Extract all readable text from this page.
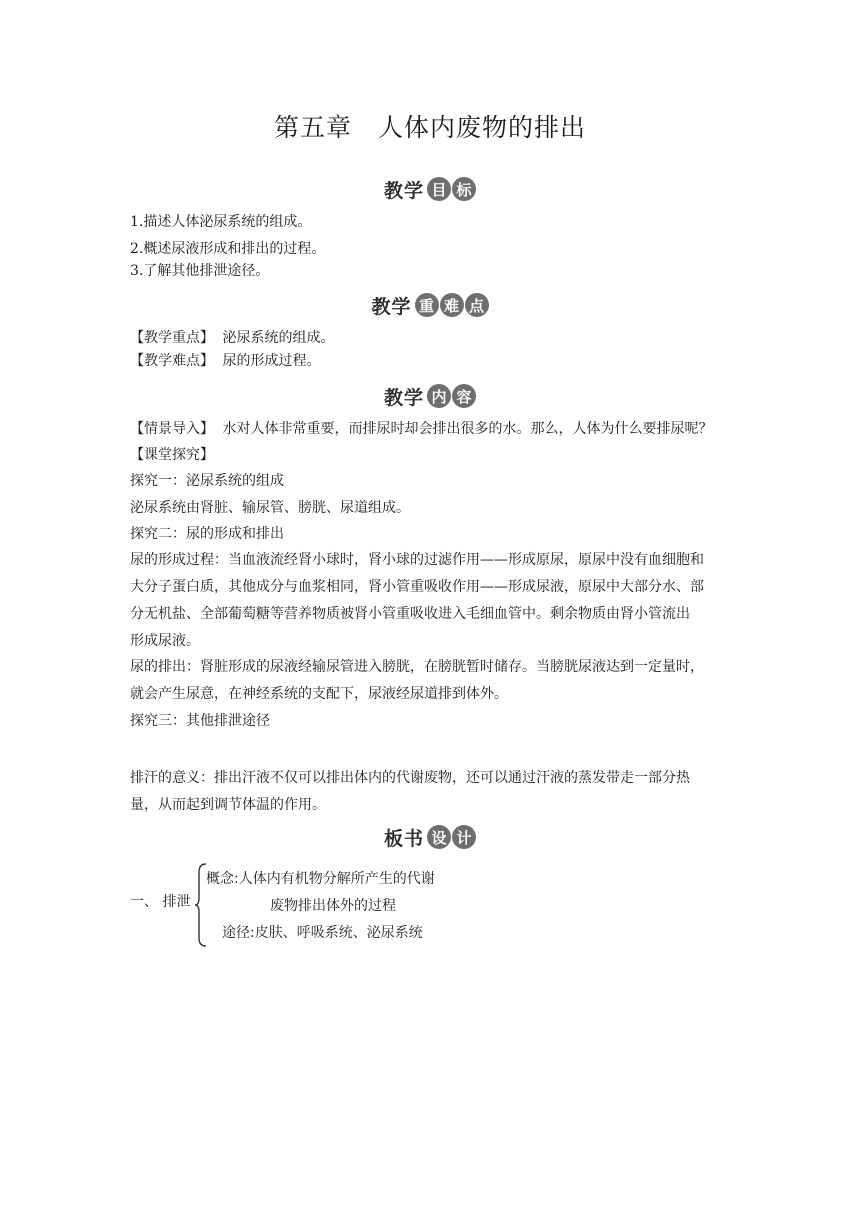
第五章　人体内废物的排出
教学 目 标
1.描述人体泌尿系统的组成。
2.概述尿液形成和排出的过程。
3.了解其他排泄途径。
教学 重 难 点
【教学重点】 泌尿系统的组成。
【教学难点】 尿的形成过程。
教学 内 容
【情景导入】 水对人体非常重要，而排尿时却会排出很多的水。那么，人体为什么要排尿呢？
【课堂探究】
探究一：泌尿系统的组成
泌尿系统由肾脏、输尿管、膀胱、尿道组成。
探究二：尿的形成和排出
尿的形成过程：当血液流经肾小球时，肾小球的过滤作用——形成原尿，原尿中没有血细胞和
大分子蛋白质，其他成分与血浆相同，肾小管重吸收作用——形成尿液，原尿中大部分水、部
分无机盐、全部葡萄糖等营养物质被肾小管重吸收进入毛细血管中。剩余物质由肾小管流出
形成尿液。
尿的排出：肾脏形成的尿液经输尿管进入膀胱，在膀胱暂时储存。当膀胱尿液达到一定量时，
就会产生尿意，在神经系统的支配下，尿液经尿道排到体外。
探究三：其他排泄途径
排汗的意义：排出汗液不仅可以排出体内的代谢废物，还可以通过汗液的蒸发带走一部分热
量，从而起到调节体温的作用。
板书 设 计
一、 排泄
概念:人体内有机物分解所产生的代谢
废物排出体外的过程
途径:皮肤、呼吸系统、泌尿系统
